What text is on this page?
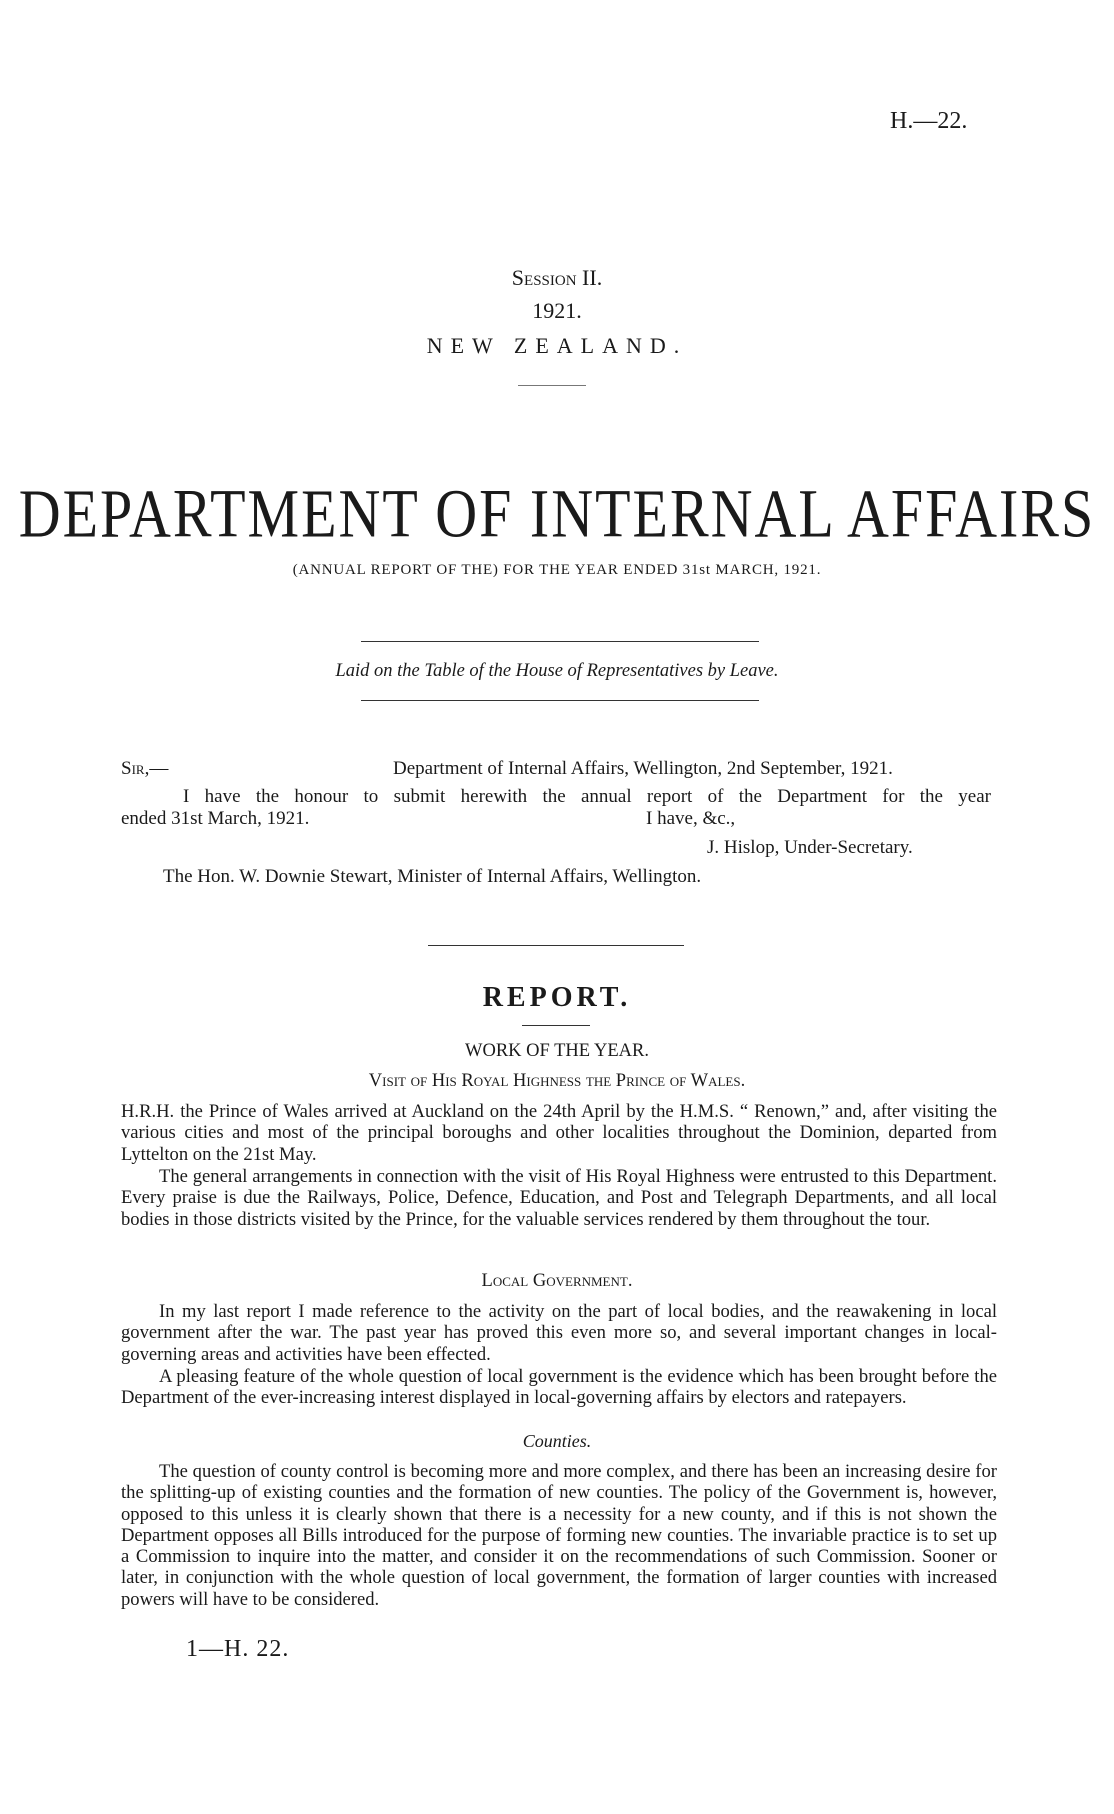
H.—22.
Session II.
1921.
NEW ZEALAND.
DEPARTMENT OF INTERNAL AFFAIRS
(ANNUAL REPORT OF THE) FOR THE YEAR ENDED 31st MARCH, 1921.
Laid on the Table of the House of Representatives by Leave.
Sir,—	Department of Internal Affairs, Wellington, 2nd September, 1921.
I have the honour to submit herewith the annual report of the Department for the year
ended 31st March, 1921.	I have, &c.,
J. Hislop, Under-Secretary.
The Hon. W. Downie Stewart, Minister of Internal Affairs, Wellington.
REPORT.
WORK OF THE YEAR.
Visit of His Royal Highness the Prince of Wales.
H.R.H. the Prince of Wales arrived at Auckland on the 24th April by the H.M.S. “ Renown,” and, after visiting the various cities and most of the principal boroughs and other localities throughout the Dominion, departed from Lyttelton on the 21st May.
The general arrangements in connection with the visit of His Royal Highness were entrusted to this Department. Every praise is due the Railways, Police, Defence, Education, and Post and Telegraph Departments, and all local bodies in those districts visited by the Prince, for the valuable services rendered by them throughout the tour.
Local Government.
In my last report I made reference to the activity on the part of local bodies, and the reawakening in local government after the war. The past year has proved this even more so, and several important changes in local-governing areas and activities have been effected.
A pleasing feature of the whole question of local government is the evidence which has been brought before the Department of the ever-increasing interest displayed in local-governing affairs by electors and ratepayers.
Counties.
The question of county control is becoming more and more complex, and there has been an increasing desire for the splitting-up of existing counties and the formation of new counties. The policy of the Government is, however, opposed to this unless it is clearly shown that there is a necessity for a new county, and if this is not shown the Department opposes all Bills introduced for the purpose of forming new counties. The invariable practice is to set up a Commission to inquire into the matter, and consider it on the recommendations of such Commission. Sooner or later, in conjunction with the whole question of local government, the formation of larger counties with increased powers will have to be considered.
1—H. 22.
